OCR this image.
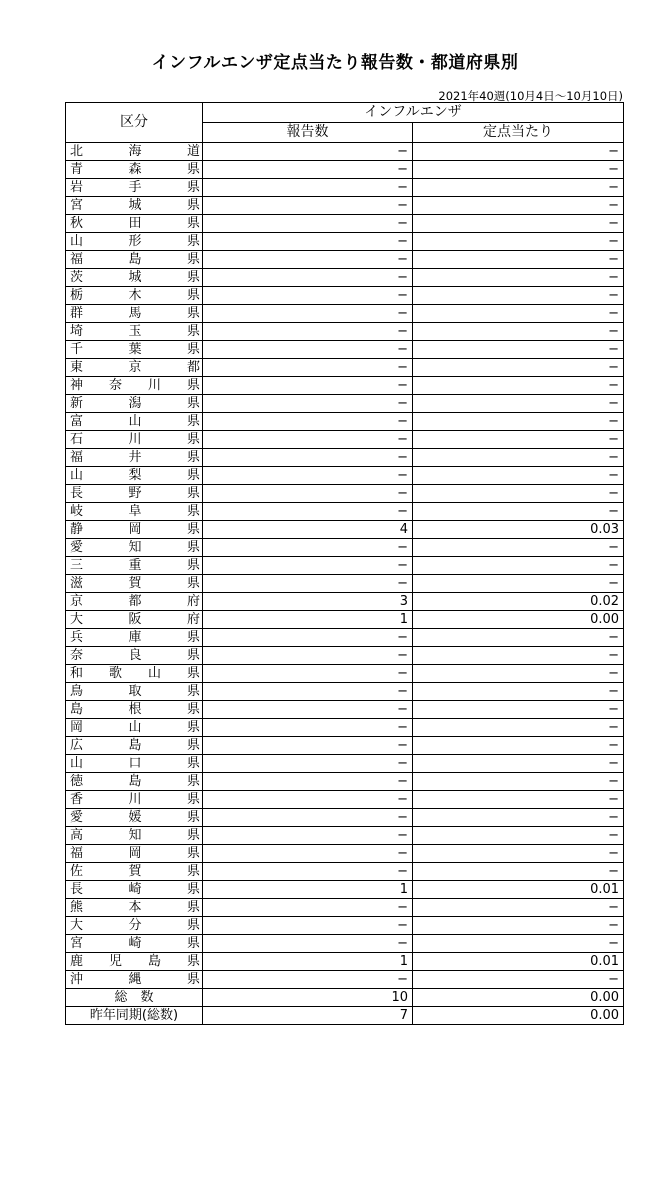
インフルエンザ定点当たり報告数・都道府県別
2021年40週(10月4日～10月10日)
区分	インフルエンザ	
	報告数	定点当たり

北 海 道	−	−

青 森 県	−	−

岩 手 県	−	−

宮 城 県	−	−

秋 田 県	−	−

山 形 県	−	−

福 島 県	−	−

茨 城 県	−	−

栃 木 県	−	−

群 馬 県	−	−

埼 玉 県	−	−

千 葉 県	−	−

東 京 都	−	−

神 奈 川 県	−	−

新 潟 県	−	−

富 山 県	−	−

石 川 県	−	−

福 井 県	−	−

山 梨 県	−	−

長 野 県	−	−

岐 阜 県	−	−

静 岡 県	4	0.03

愛 知 県	−	−

三 重 県	−	−

滋 賀 県	−	−

京 都 府	3	0.02

大 阪 府	1	0.00

兵 庫 県	−	−

奈 良 県	−	−

和 歌 山 県	−	−

鳥 取 県	−	−

島 根 県	−	−

岡 山 県	−	−

広 島 県	−	−

山 口 県	−	−

徳 島 県	−	−

香 川 県	−	−

愛 媛 県	−	−

高 知 県	−	−

福 岡 県	−	−

佐 賀 県	−	−

長 崎 県	1	0.01

熊 本 県	−	−

大 分 県	−	−

宮 崎 県	−	−

鹿 児 島 県	1	0.01

沖 縄 県	−	−
総　数	10	0.00
昨年同期(総数)	7	0.00
